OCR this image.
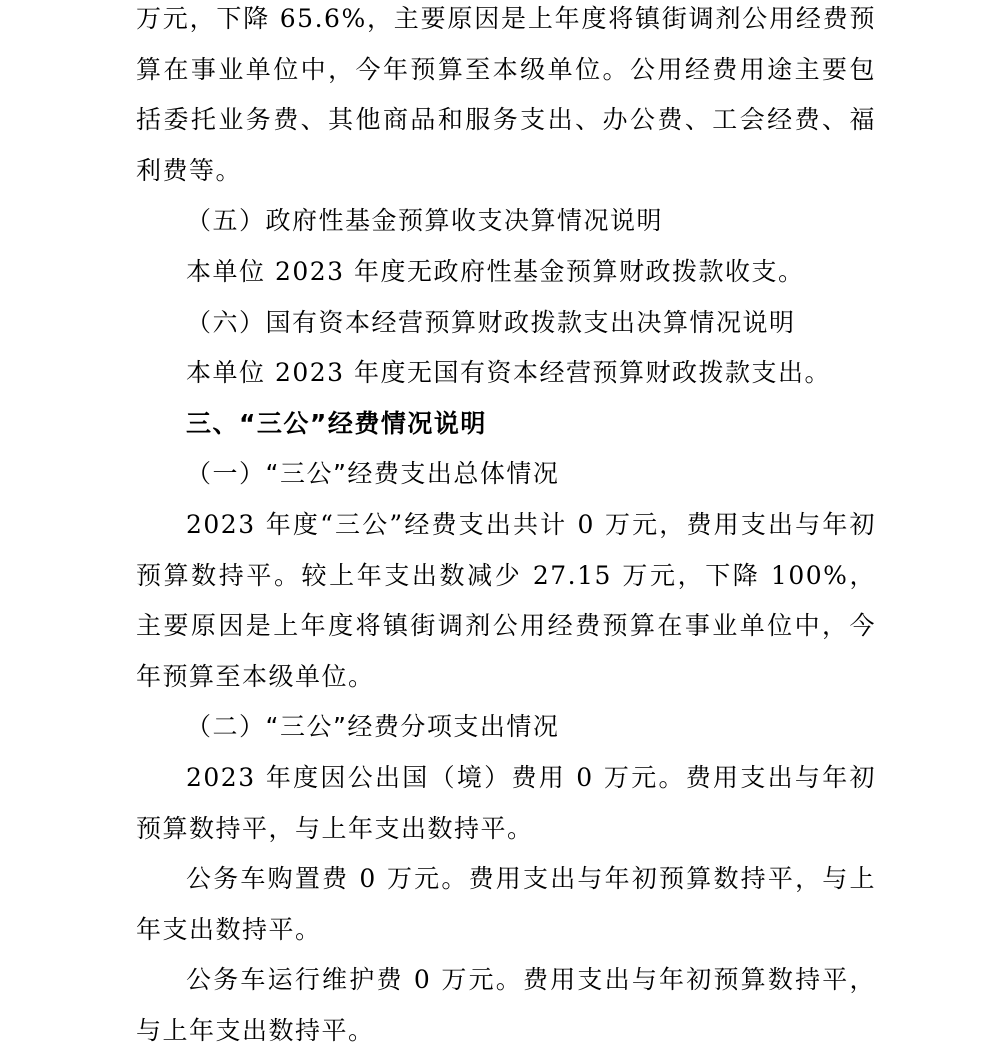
万元，下降 65.6%，主要原因是上年度将镇街调剂公用经费预算在事业单位中，今年预算至本级单位。公用经费用途主要包括委托业务费、其他商品和服务支出、办公费、工会经费、福利费等。

（五）政府性基金预算收支决算情况说明

本单位 2023 年度无政府性基金预算财政拨款收支。

（六）国有资本经营预算财政拨款支出决算情况说明

本单位 2023 年度无国有资本经营预算财政拨款支出。

三、“三公”经费情况说明

（一）“三公”经费支出总体情况

2023 年度“三公”经费支出共计 0 万元，费用支出与年初预算数持平。较上年支出数减少 27.15 万元，下降 100%，主要原因是上年度将镇街调剂公用经费预算在事业单位中，今年预算至本级单位。

（二）“三公”经费分项支出情况

2023 年度因公出国（境）费用 0 万元。费用支出与年初预算数持平，与上年支出数持平。

公务车购置费 0 万元。费用支出与年初预算数持平，与上年支出数持平。

公务车运行维护费 0 万元。费用支出与年初预算数持平，与上年支出数持平。
